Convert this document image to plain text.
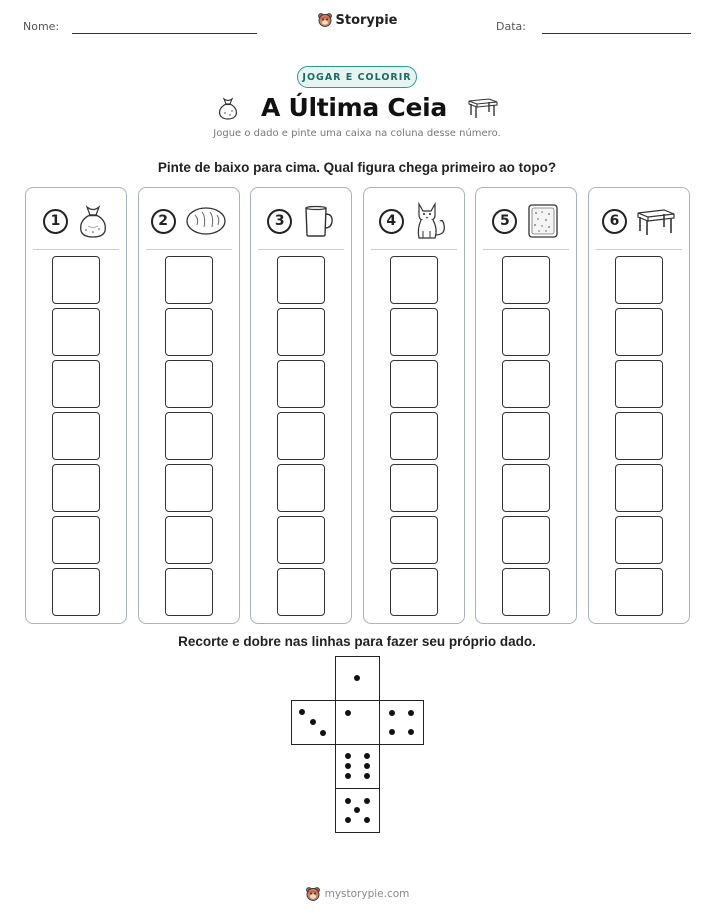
Nome:	Storypie	Data:
JOGAR E COLORIR
A Última Ceia
Jogue o dado e pinte uma caixa na coluna desse número.
Pinte de baixo para cima. Qual figura chega primeiro ao topo?
1	2	3	4	5	6
Recorte e dobre nas linhas para fazer seu próprio dado.
mystorypie.com
